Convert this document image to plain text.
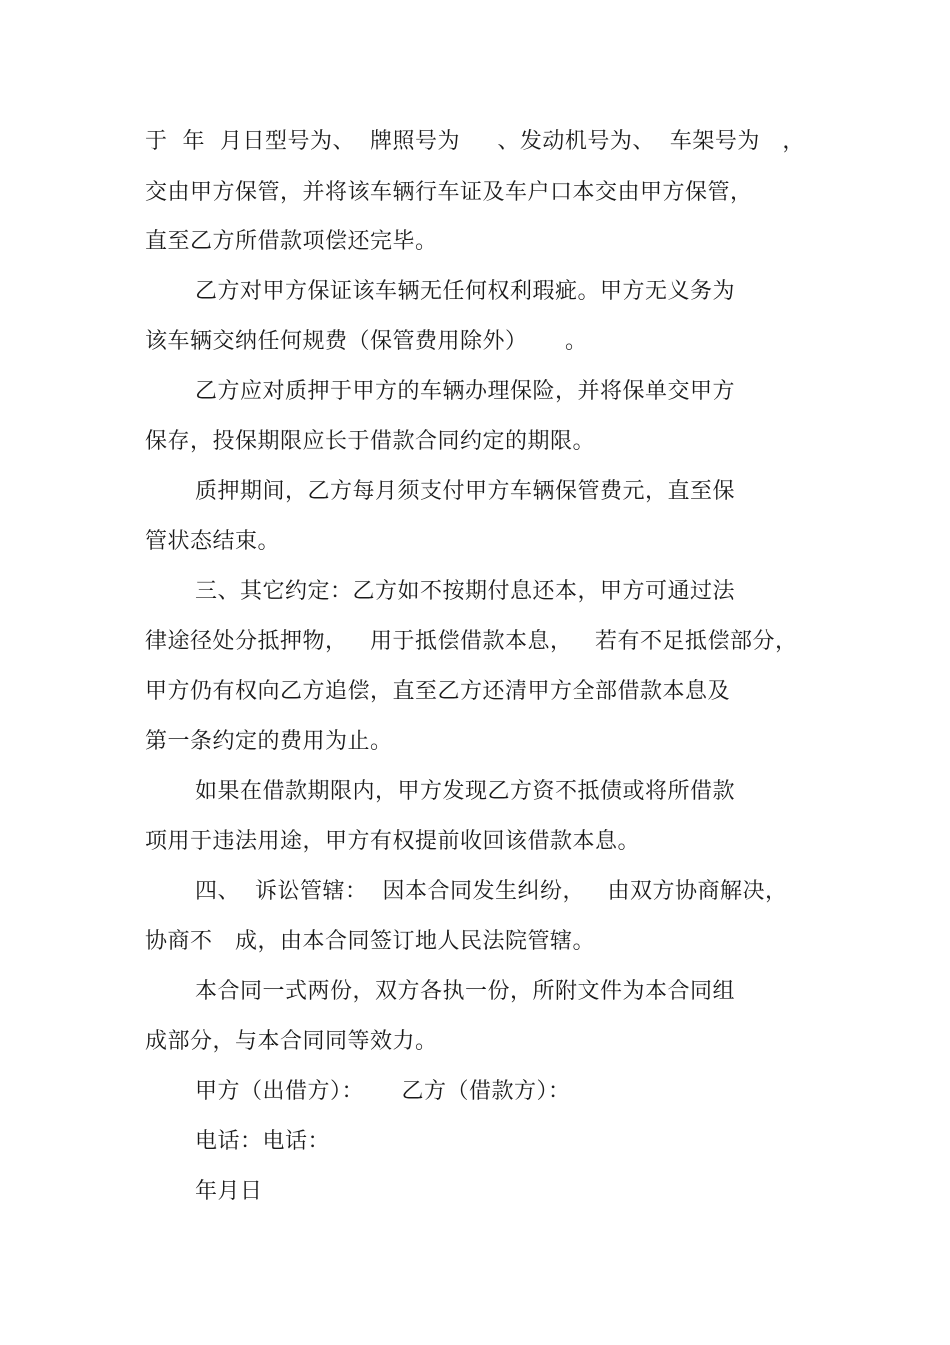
于  年  月日型号为、  牌照号为     、发动机号为、  车架号为   ，
交由甲方保管，并将该车辆行车证及车户口本交由甲方保管，
直至乙方所借款项偿还完毕。
乙方对甲方保证该车辆无任何权利瑕疵。甲方无义务为
该车辆交纳任何规费（保管费用除外）     。
乙方应对质押于甲方的车辆办理保险，并将保单交甲方
保存，投保期限应长于借款合同约定的期限。
质押期间，乙方每月须支付甲方车辆保管费元，直至保
管状态结束。
三、其它约定：乙方如不按期付息还本，甲方可通过法
律途径处分抵押物，   用于抵偿借款本息，   若有不足抵偿部分，
甲方仍有权向乙方追偿，直至乙方还清甲方全部借款本息及
第一条约定的费用为止。
如果在借款期限内，甲方发现乙方资不抵债或将所借款
项用于违法用途，甲方有权提前收回该借款本息。
四、  诉讼管辖：  因本合同发生纠纷，   由双方协商解决，
协商不   成，由本合同签订地人民法院管辖。
本合同一式两份，双方各执一份，所附文件为本合同组
成部分，与本合同同等效力。
甲方（出借方）：     乙方（借款方）：
电话：电话：
年月日
